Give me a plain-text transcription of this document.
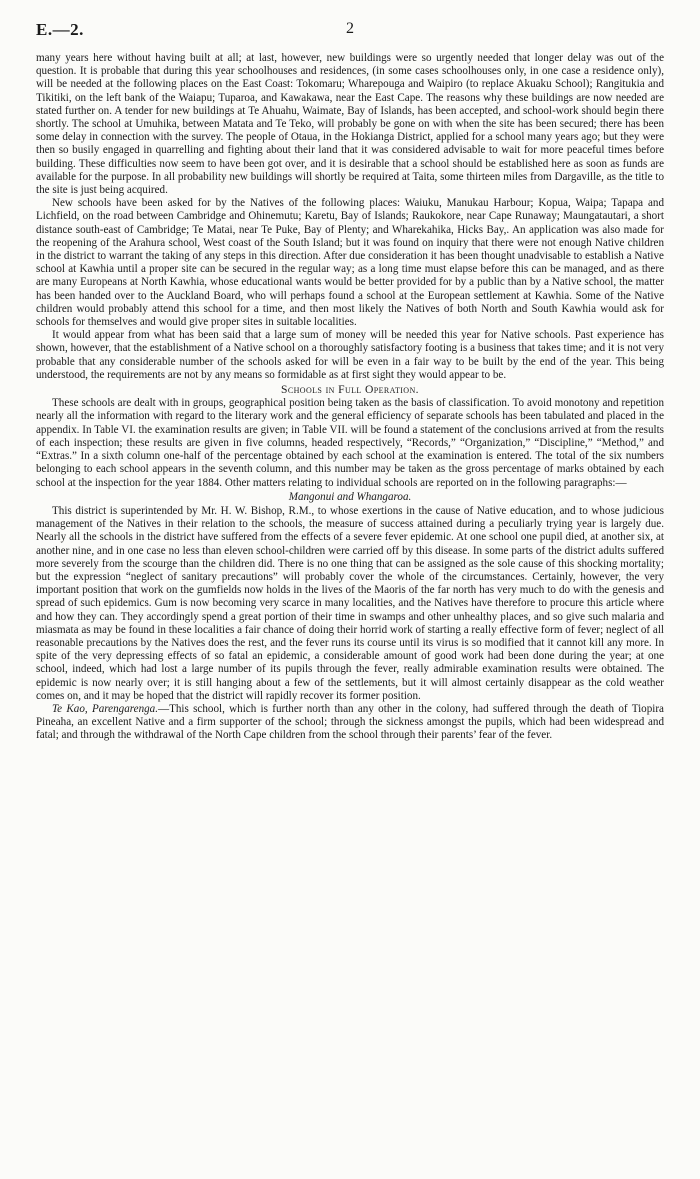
E.—2.	2

many years here without having built at all; at last, however, new buildings were so urgently needed that longer delay was out of the question. It is probable that during this year schoolhouses and residences, (in some cases schoolhouses only, in one case a residence only), will be needed at the following places on the East Coast: Tokomaru; Wharepouga and Waipiro (to replace Akuaku School); Rangitukia and Tikitiki, on the left bank of the Waiapu; Tuparoa, and Kawakawa, near the East Cape. The reasons why these buildings are now needed are stated further on. A tender for new buildings at Te Ahuahu, Waimate, Bay of Islands, has been accepted, and school-work should begin there shortly. The school at Umuhika, between Matata and Te Teko, will probably be gone on with when the site has been secured; there has been some delay in connection with the survey. The people of Otaua, in the Hokianga District, applied for a school many years ago; but they were then so busily engaged in quarrelling and fighting about their land that it was considered advisable to wait for more peaceful times before building. These difficulties now seem to have been got over, and it is desirable that a school should be established here as soon as funds are available for the purpose. In all probability new buildings will shortly be required at Taita, some thirteen miles from Dargaville, as the title to the site is just being acquired.

New schools have been asked for by the Natives of the following places: Waiuku, Manukau Harbour; Kopua, Waipa; Tapapa and Lichfield, on the road between Cambridge and Ohinemutu; Karetu, Bay of Islands; Raukokore, near Cape Runaway; Maungatautari, a short distance south-east of Cambridge; Te Matai, near Te Puke, Bay of Plenty; and Wharekahika, Hicks Bay,. An application was also made for the reopening of the Arahura school, West coast of the South Island; but it was found on inquiry that there were not enough Native children in the district to warrant the taking of any steps in this direction. After due consideration it has been thought unadvisable to establish a Native school at Kawhia until a proper site can be secured in the regular way; as a long time must elapse before this can be managed, and as there are many Europeans at North Kawhia, whose educational wants would be better provided for by a public than by a Native school, the matter has been handed over to the Auckland Board, who will perhaps found a school at the European settlement at Kawhia. Some of the Native children would probably attend this school for a time, and then most likely the Natives of both North and South Kawhia would ask for schools for themselves and would give proper sites in suitable localities.

It would appear from what has been said that a large sum of money will be needed this year for Native schools. Past experience has shown, however, that the establishment of a Native school on a thoroughly satisfactory footing is a business that takes time; and it is not very probable that any considerable number of the schools asked for will be even in a fair way to be built by the end of the year. This being understood, the requirements are not by any means so formidable as at first sight they would appear to be.

Schools in Full Operation.

These schools are dealt with in groups, geographical position being taken as the basis of classification. To avoid monotony and repetition nearly all the information with regard to the literary work and the general efficiency of separate schools has been tabulated and placed in the appendix. In Table VI. the examination results are given; in Table VII. will be found a statement of the conclusions arrived at from the results of each inspection; these results are given in five columns, headed respectively, “Records,” “Organization,” “Discipline,” “Method,” and “Extras.” In a sixth column one-half of the percentage obtained by each school at the examination is entered. The total of the six numbers belonging to each school appears in the seventh column, and this number may be taken as the gross percentage of marks obtained by each school at the inspection for the year 1884. Other matters relating to individual schools are reported on in the following paragraphs:—

Mangonui and Whangaroa.

This district is superintended by Mr. H. W. Bishop, R.M., to whose exertions in the cause of Native education, and to whose judicious management of the Natives in their relation to the schools, the measure of success attained during a peculiarly trying year is largely due. Nearly all the schools in the district have suffered from the effects of a severe fever epidemic. At one school one pupil died, at another six, at another nine, and in one case no less than eleven school-children were carried off by this disease. In some parts of the district adults suffered more severely from the scourge than the children did. There is no one thing that can be assigned as the sole cause of this shocking mortality; but the expression “neglect of sanitary precautions” will probably cover the whole of the circumstances. Certainly, however, the very important position that work on the gumfields now holds in the lives of the Maoris of the far north has very much to do with the genesis and spread of such epidemics. Gum is now becoming very scarce in many localities, and the Natives have therefore to procure this article where and how they can. They accordingly spend a great portion of their time in swamps and other unhealthy places, and so give such malaria and miasmata as may be found in these localities a fair chance of doing their horrid work of starting a really effective form of fever; neglect of all reasonable precautions by the Natives does the rest, and the fever runs its course until its virus is so modified that it cannot kill any more. In spite of the very depressing effects of so fatal an epidemic, a considerable amount of good work had been done during the year; at one school, indeed, which had lost a large number of its pupils through the fever, really admirable examination results were obtained. The epidemic is now nearly over; it is still hanging about a few of the settlements, but it will almost certainly disappear as the cold weather comes on, and it may be hoped that the district will rapidly recover its former position.

Te Kao, Parengarenga.—This school, which is further north than any other in the colony, had suffered through the death of Tiopira Pineaha, an excellent Native and a firm supporter of the school; through the sickness amongst the pupils, which had been widespread and fatal; and through the withdrawal of the North Cape children from the school through their parents’ fear of the fever.
